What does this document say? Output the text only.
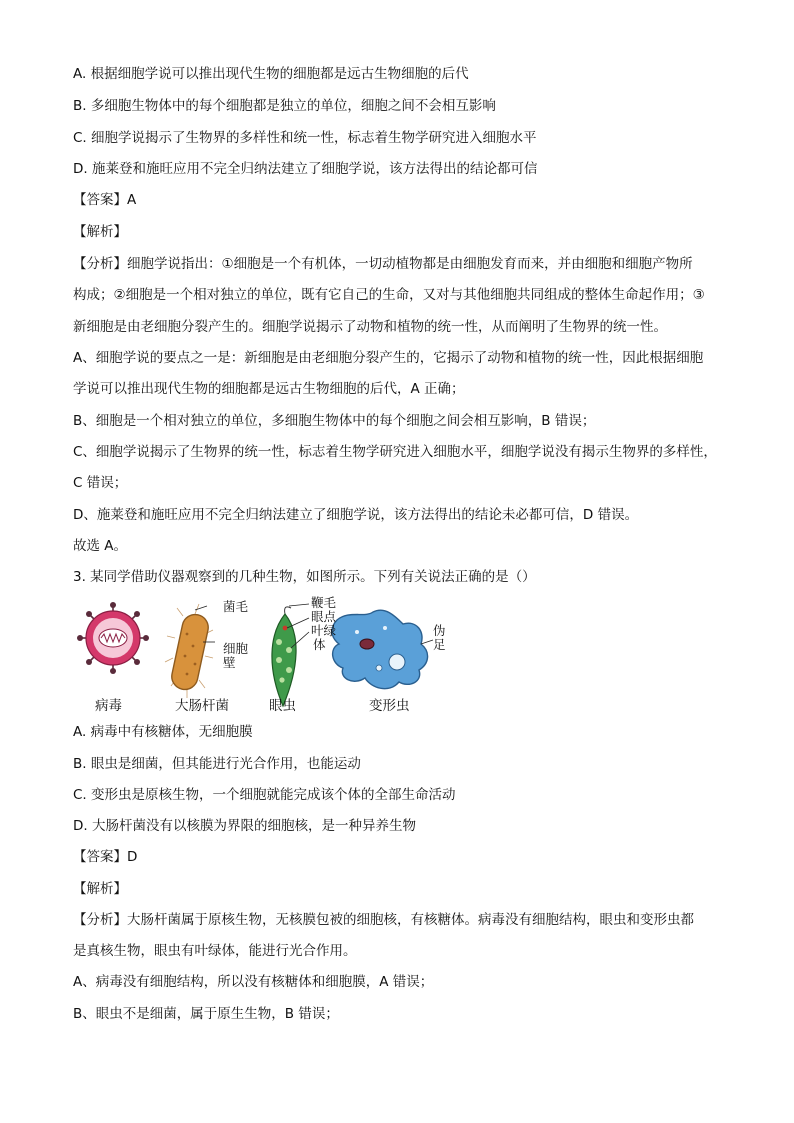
A. 根据细胞学说可以推出现代生物的细胞都是远古生物细胞的后代
B. 多细胞生物体中的每个细胞都是独立的单位，细胞之间不会相互影响
C. 细胞学说揭示了生物界的多样性和统一性，标志着生物学研究进入细胞水平
D. 施莱登和施旺应用不完全归纳法建立了细胞学说，该方法得出的结论都可信
【答案】A
【解析】
【分析】细胞学说指出：①细胞是一个有机体，一切动植物都是由细胞发育而来，并由细胞和细胞产物所
构成；②细胞是一个相对独立的单位，既有它自己的生命，又对与其他细胞共同组成的整体生命起作用；③
新细胞是由老细胞分裂产生的。细胞学说揭示了动物和植物的统一性，从而阐明了生物界的统一性。
A、细胞学说的要点之一是：新细胞是由老细胞分裂产生的，它揭示了动物和植物的统一性，因此根据细胞
学说可以推出现代生物的细胞都是远古生物细胞的后代，A 正确；
B、细胞是一个相对独立的单位，多细胞生物体中的每个细胞之间会相互影响，B 错误；
C、细胞学说揭示了生物界的统一性，标志着生物学研究进入细胞水平，细胞学说没有揭示生物界的多样性，
C 错误；
D、施莱登和施旺应用不完全归纳法建立了细胞学说，该方法得出的结论未必都可信，D 错误。
故选 A。
3. 某同学借助仪器观察到的几种生物，如图所示。下列有关说法正确的是（）
菌毛
细胞
壁
鞭毛
眼点
叶绿
体
伪
足
病毒	大肠杆菌	眼虫	变形虫
A. 病毒中有核糖体，无细胞膜
B. 眼虫是细菌，但其能进行光合作用，也能运动
C. 变形虫是原核生物，一个细胞就能完成该个体的全部生命活动
D. 大肠杆菌没有以核膜为界限的细胞核，是一种异养生物
【答案】D
【解析】
【分析】大肠杆菌属于原核生物，无核膜包被的细胞核，有核糖体。病毒没有细胞结构，眼虫和变形虫都
是真核生物，眼虫有叶绿体，能进行光合作用。
A、病毒没有细胞结构，所以没有核糖体和细胞膜，A 错误；
B、眼虫不是细菌，属于原生生物，B 错误；
